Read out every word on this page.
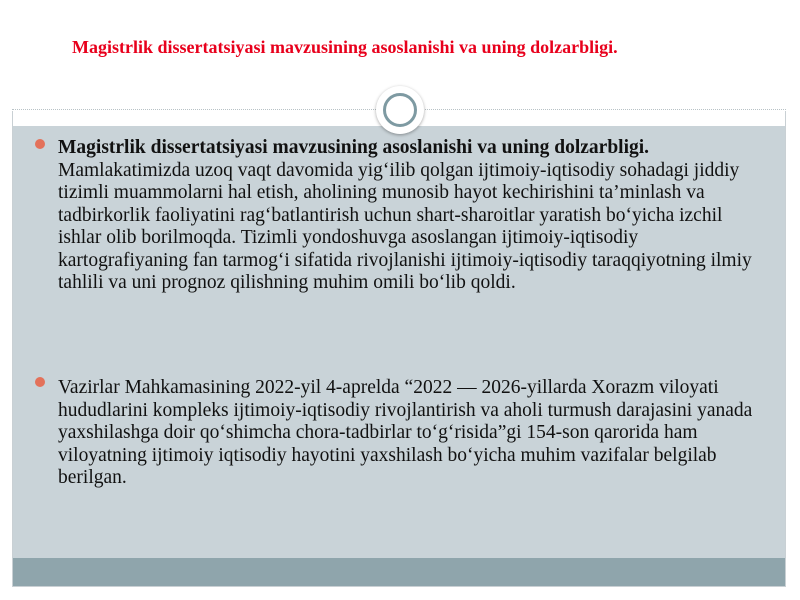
Magistrlik dissertatsiyasi mavzusining asoslanishi va uning dolzarbligi.
Magistrlik dissertatsiyasi mavzusining asoslanishi va uning dolzarbligi. Mamlakatimizda uzoq vaqt davomida yig‘ilib qolgan ijtimoiy-iqtisodiy sohadagi jiddiy tizimli muammolarni hal etish, aholining munosib hayot kechirishini ta’minlash va tadbirkorlik faoliyatini rag‘batlantirish uchun shart-sharoitlar yaratish bo‘yicha izchil ishlar olib borilmoqda. Tizimli yondoshuvga asoslangan ijtimoiy-iqtisodiy kartografiyaning fan tarmog‘i sifatida rivojlanishi ijtimoiy-iqtisodiy taraqqiyotning ilmiy tahlili va uni prognoz qilishning muhim omili bo‘lib qoldi.
Vazirlar Mahkamasining 2022-yil 4-aprelda “2022 — 2026-yillarda Xorazm viloyati hududlarini kompleks ijtimoiy-iqtisodiy rivojlantirish va aholi turmush darajasini yanada yaxshilashga doir qo‘shimcha chora-tadbirlar to‘g‘risida”gi 154-son qarorida ham viloyatning ijtimoiy iqtisodiy hayotini yaxshilash bo‘yicha muhim vazifalar belgilab berilgan.
